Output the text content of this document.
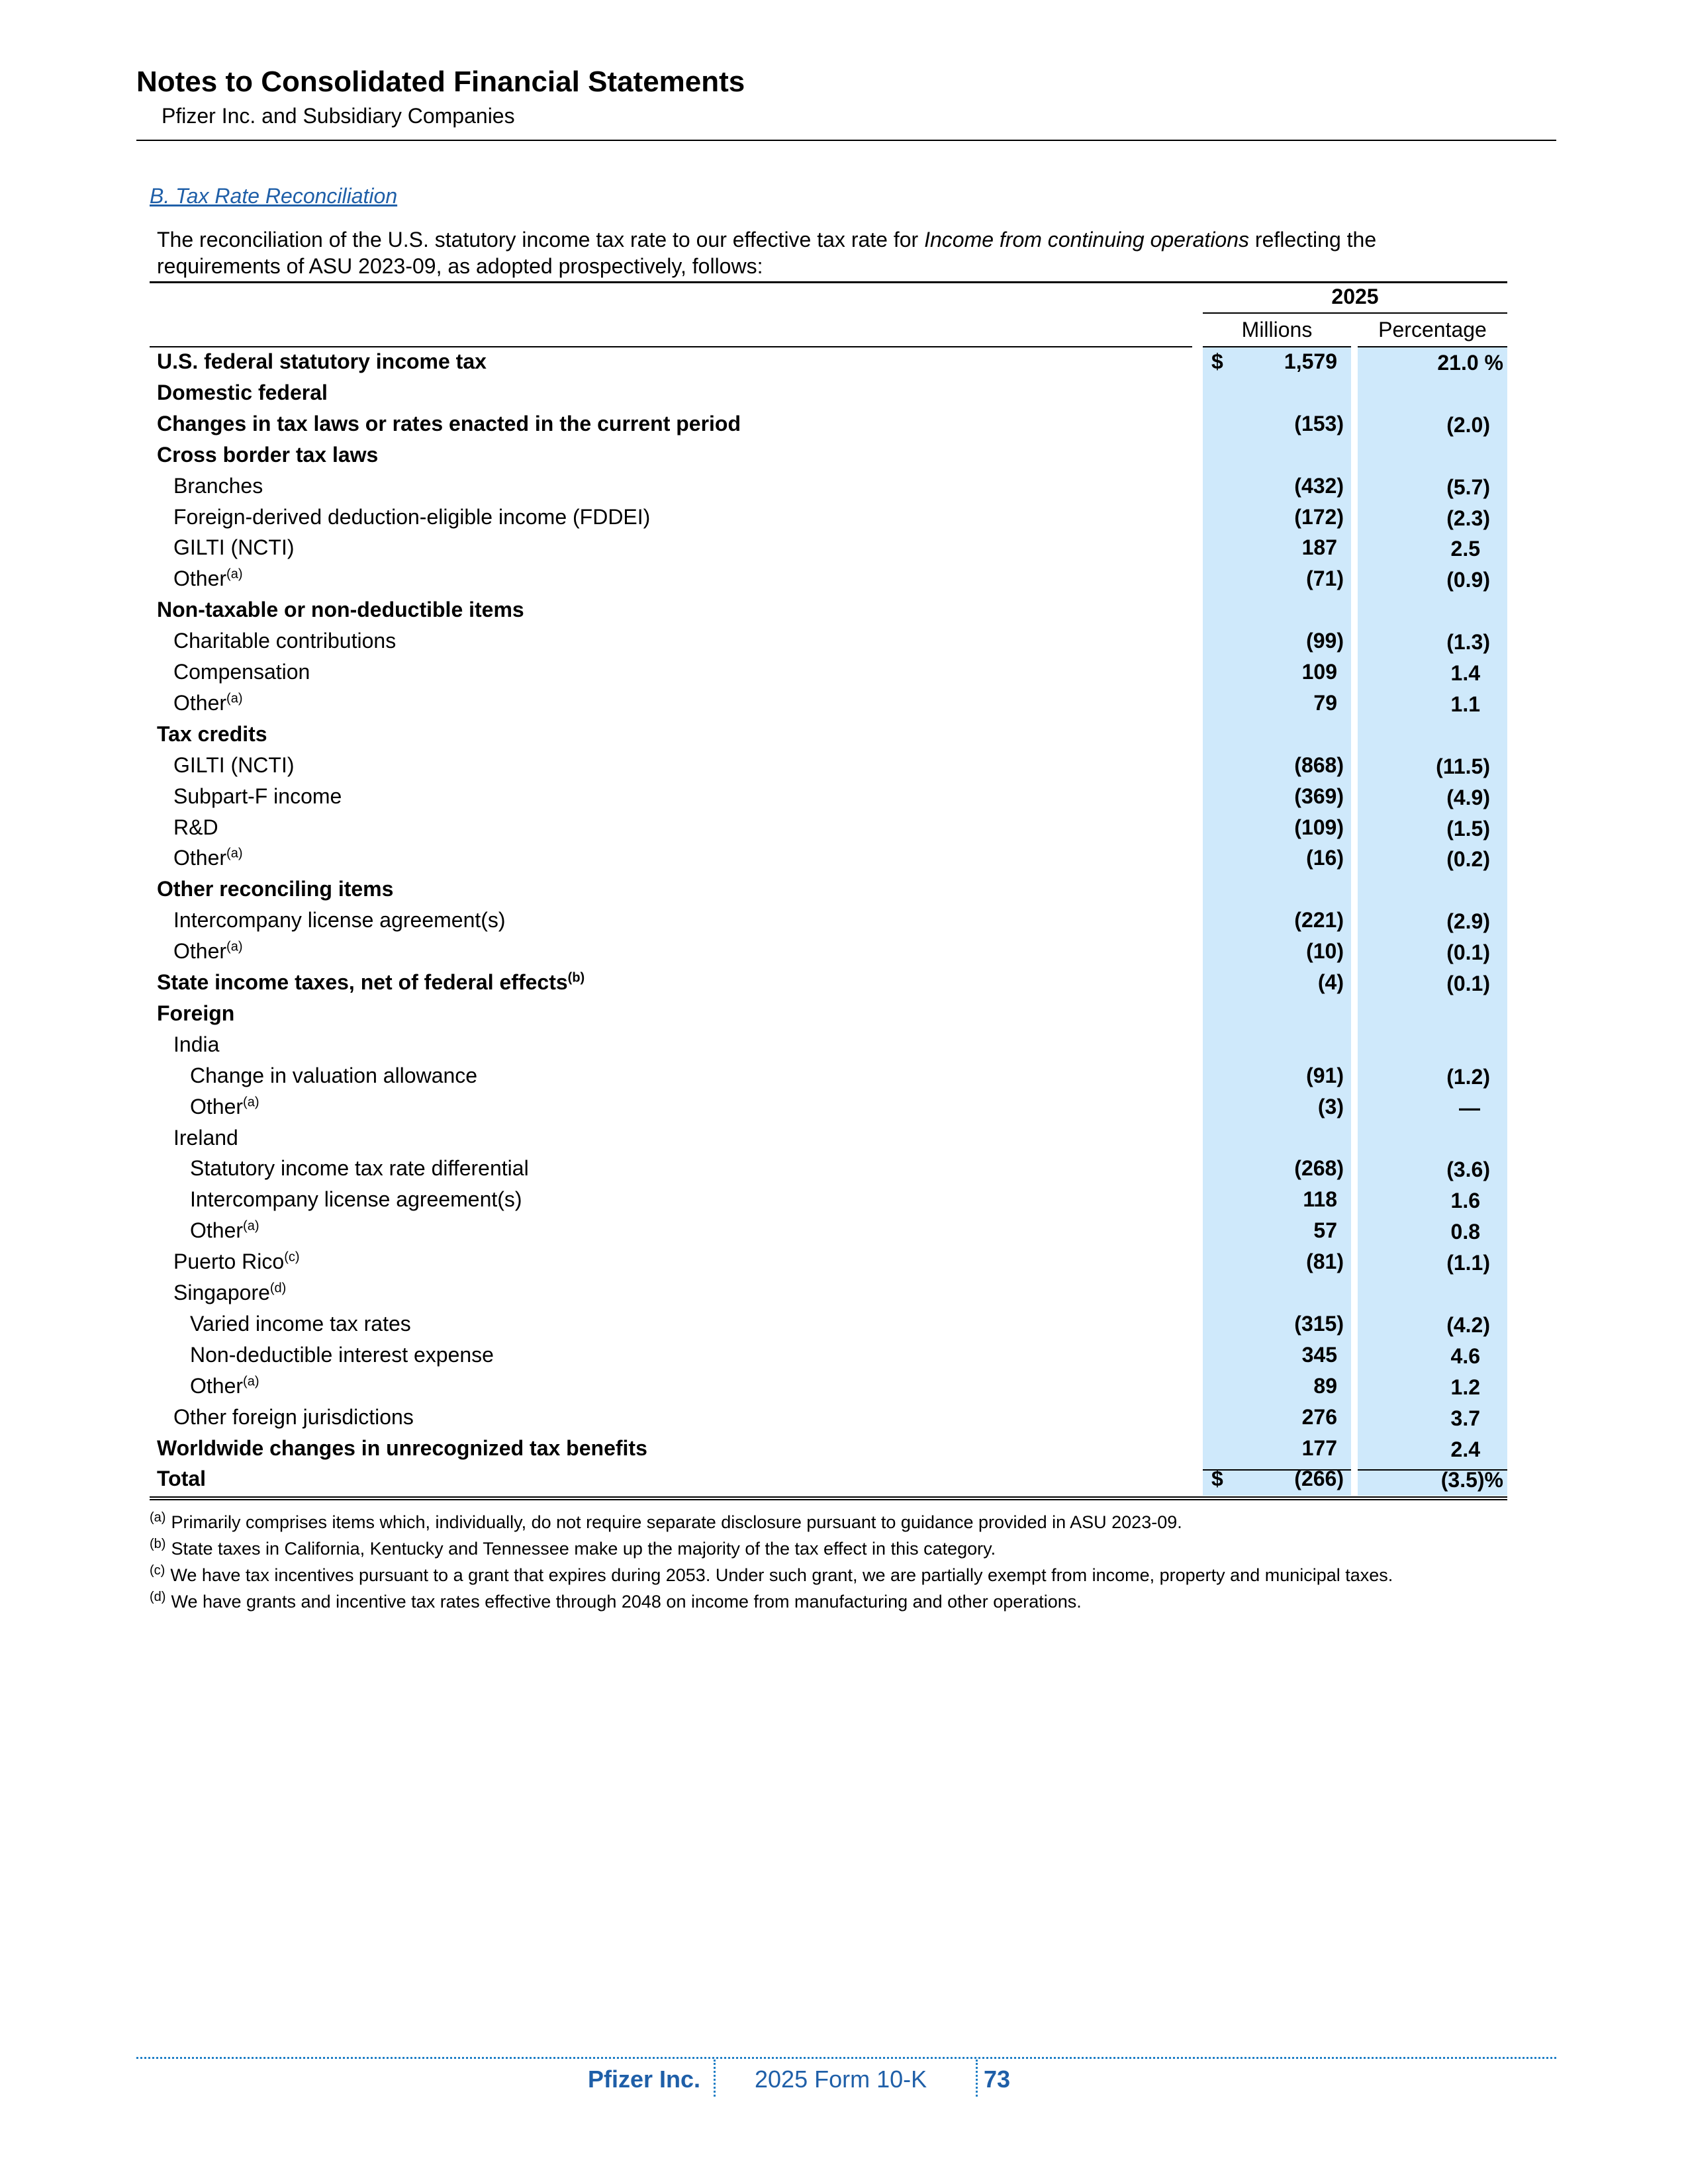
Notes to Consolidated Financial Statements
Pfizer Inc. and Subsidiary Companies
B. Tax Rate Reconciliation
The reconciliation of the U.S. statutory income tax rate to our effective tax rate for Income from continuing operations reflecting the requirements of ASU 2023-09, as adopted prospectively, follows:
2025
Millions	Percentage
U.S. federal statutory income tax	$	1,579	21.0 %
Domestic federal
Changes in tax laws or rates enacted in the current period	(153)	(2.0)
Cross border tax laws
Branches	(432)	(5.7)
Foreign-derived deduction-eligible income (FDDEI)	(172)	(2.3)
GILTI (NCTI)	187	2.5
Other$^{(a)}$	(71)	(0.9)
Non-taxable or non-deductible items
Charitable contributions	(99)	(1.3)
Compensation	109	1.4
Other$^{(a)}$	79	1.1
Tax credits
GILTI (NCTI)	(868)	(11.5)
Subpart-F income	(369)	(4.9)
R&D	(109)	(1.5)
Other$^{(a)}$	(16)	(0.2)
Other reconciling items
Intercompany license agreement(s)	(221)	(2.9)
Other$^{(a)}$	(10)	(0.1)
State income taxes, net of federal effects$^{(b)}$	(4)	(0.1)
Foreign
India
Change in valuation allowance	(91)	(1.2)
Other$^{(a)}$	(3)	—
Ireland
Statutory income tax rate differential	(268)	(3.6)
Intercompany license agreement(s)	118	1.6
Other$^{(a)}$	57	0.8
Puerto Rico$^{(c)}$	(81)	(1.1)
Singapore$^{(d)}$
Varied income tax rates	(315)	(4.2)
Non-deductible interest expense	345	4.6
Other$^{(a)}$	89	1.2
Other foreign jurisdictions	276	3.7
Worldwide changes in unrecognized tax benefits	177	2.4
Total	$	(266)	(3.5)%
$^{(a)}$ Primarily comprises items which, individually, do not require separate disclosure pursuant to guidance provided in ASU 2023-09.
$^{(b)}$ State taxes in California, Kentucky and Tennessee make up the majority of the tax effect in this category.
$^{(c)}$ We have tax incentives pursuant to a grant that expires during 2053. Under such grant, we are partially exempt from income, property and municipal taxes.
$^{(d)}$ We have grants and incentive tax rates effective through 2048 on income from manufacturing and other operations.
Pfizer Inc. 2025 Form 10-K 73
